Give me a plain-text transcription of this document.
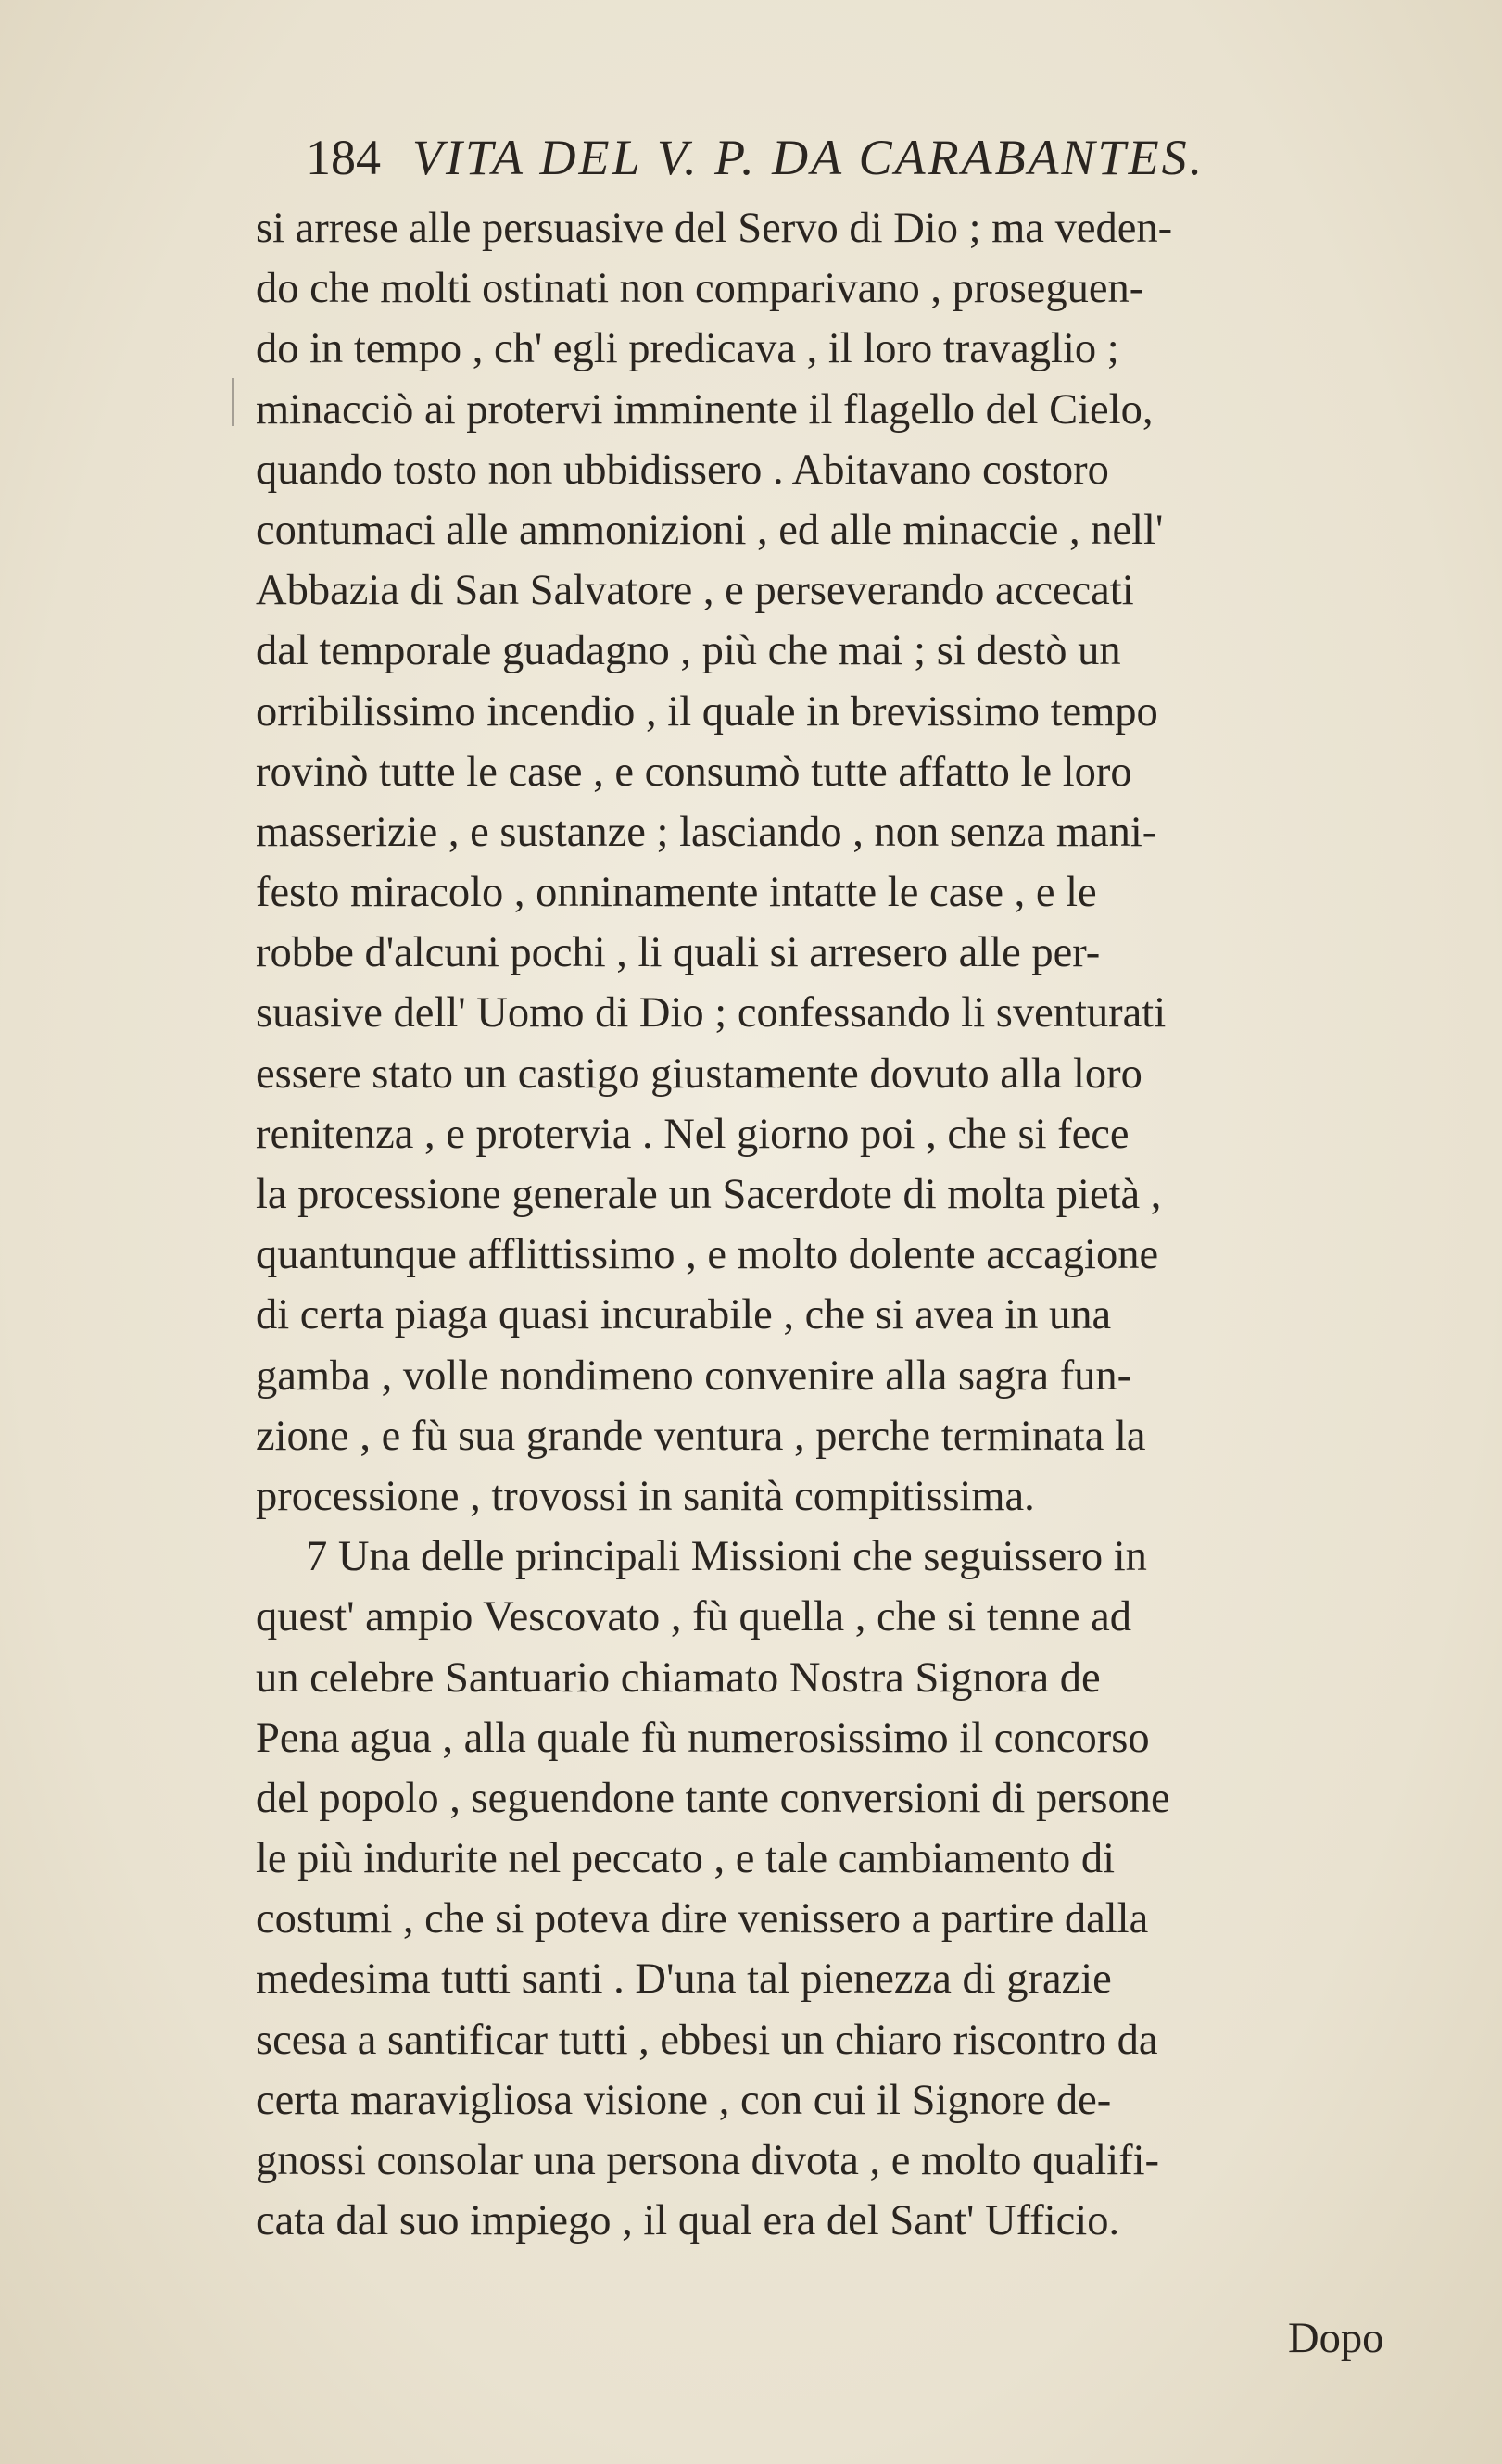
184 VITA DEL V. P. DA CARABANTES.
si arrese alle persuasive del Servo di Dio ; ma veden-
do che molti ostinati non comparivano , proseguen-
do in tempo , ch' egli predicava , il loro travaglio ;
minacciò ai protervi imminente il flagello del Cielo,
quando tosto non ubbidissero . Abitavano costoro
contumaci alle ammonizioni , ed alle minaccie , nell'
Abbazia di San Salvatore , e perseverando accecati
dal temporale guadagno , più che mai ; si destò un
orribilissimo incendio , il quale in brevissimo tempo
rovinò tutte le case , e consumò tutte affatto le loro
masserizie , e sustanze ; lasciando , non senza mani-
festo miracolo , onninamente intatte le case , e le
robbe d'alcuni pochi , li quali si arresero alle per-
suasive dell' Uomo di Dio ; confessando li sventurati
essere stato un castigo giustamente dovuto alla loro
renitenza , e protervia . Nel giorno poi , che si fece
la processione generale un Sacerdote di molta pietà ,
quantunque afflittissimo , e molto dolente accagione
di certa piaga quasi incurabile , che si avea in una
gamba , volle nondimeno convenire alla sagra fun-
zione , e fù sua grande ventura , perche terminata la
processione , trovossi in sanità compitissima.
7 Una delle principali Missioni che seguissero in
quest' ampio Vescovato , fù quella , che si tenne ad
un celebre Santuario chiamato Nostra Signora de
Pena agua , alla quale fù numerosissimo il concorso
del popolo , seguendone tante conversioni di persone
le più indurite nel peccato , e tale cambiamento di
costumi , che si poteva dire venissero a partire dalla
medesima tutti santi . D'una tal pienezza di grazie
scesa a santificar tutti , ebbesi un chiaro riscontro da
certa maravigliosa visione , con cui il Signore de-
gnossi consolar una persona divota , e molto qualifi-
cata dal suo impiego , il qual era del Sant' Ufficio.
Dopo
